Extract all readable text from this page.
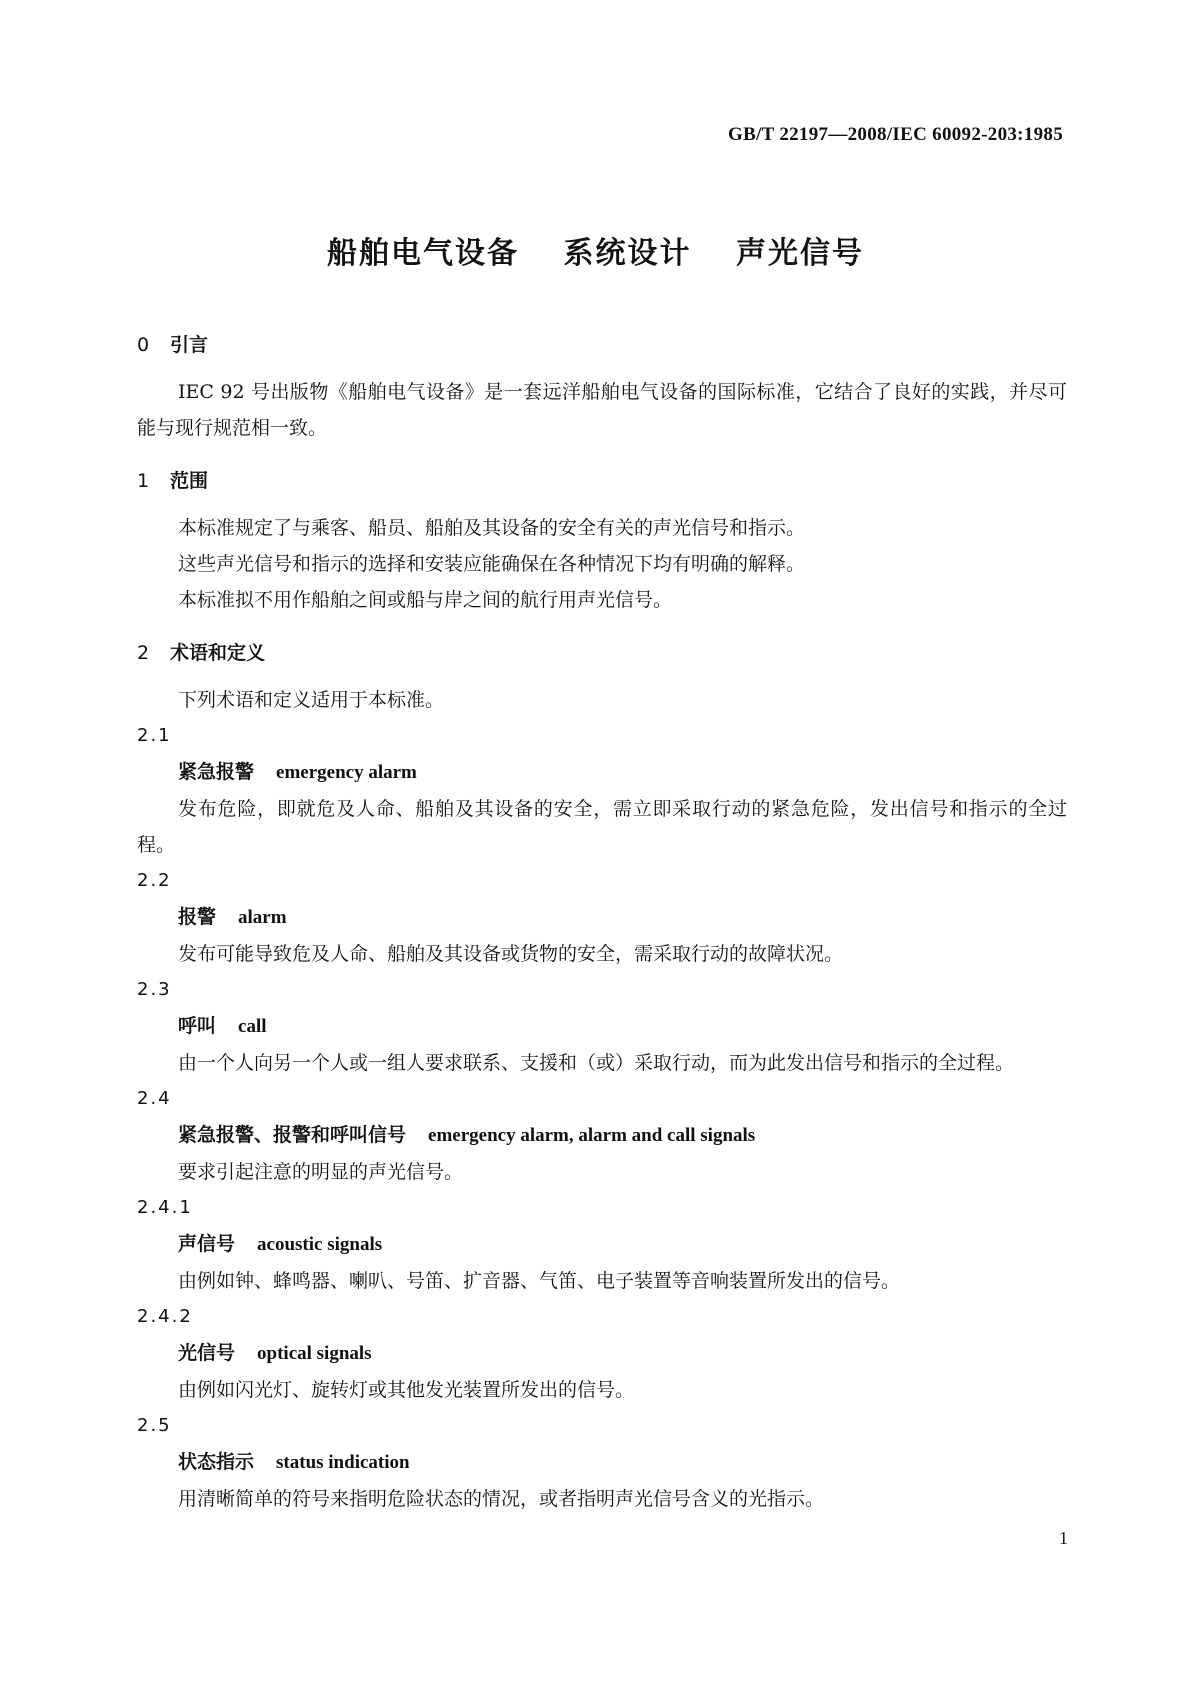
GB/T 22197—2008/IEC 60092-203:1985
船舶电气设备 系统设计 声光信号
0 引言

IEC 92 号出版物《船舶电气设备》是一套远洋船舶电气设备的国际标准，它结合了良好的实践，并尽可能与现行规范相一致。

1 范围

本标准规定了与乘客、船员、船舶及其设备的安全有关的声光信号和指示。

这些声光信号和指示的选择和安装应能确保在各种情况下均有明确的解释。

本标准拟不用作船舶之间或船与岸之间的航行用声光信号。

2 术语和定义

下列术语和定义适用于本标准。

2.1
紧急报警 emergency alarm

发布危险，即就危及人命、船舶及其设备的安全，需立即采取行动的紧急危险，发出信号和指示的全过程。

2.2
报警 alarm

发布可能导致危及人命、船舶及其设备或货物的安全，需采取行动的故障状况。

2.3
呼叫 call

由一个人向另一个人或一组人要求联系、支援和（或）采取行动，而为此发出信号和指示的全过程。

2.4
紧急报警、报警和呼叫信号 emergency alarm, alarm and call signals

要求引起注意的明显的声光信号。

2.4.1
声信号 acoustic signals

由例如钟、蜂鸣器、喇叭、号笛、扩音器、气笛、电子装置等音响装置所发出的信号。

2.4.2
光信号 optical signals

由例如闪光灯、旋转灯或其他发光装置所发出的信号。

2.5
状态指示 status indication

用清晰简单的符号来指明危险状态的情况，或者指明声光信号含义的光指示。

1
